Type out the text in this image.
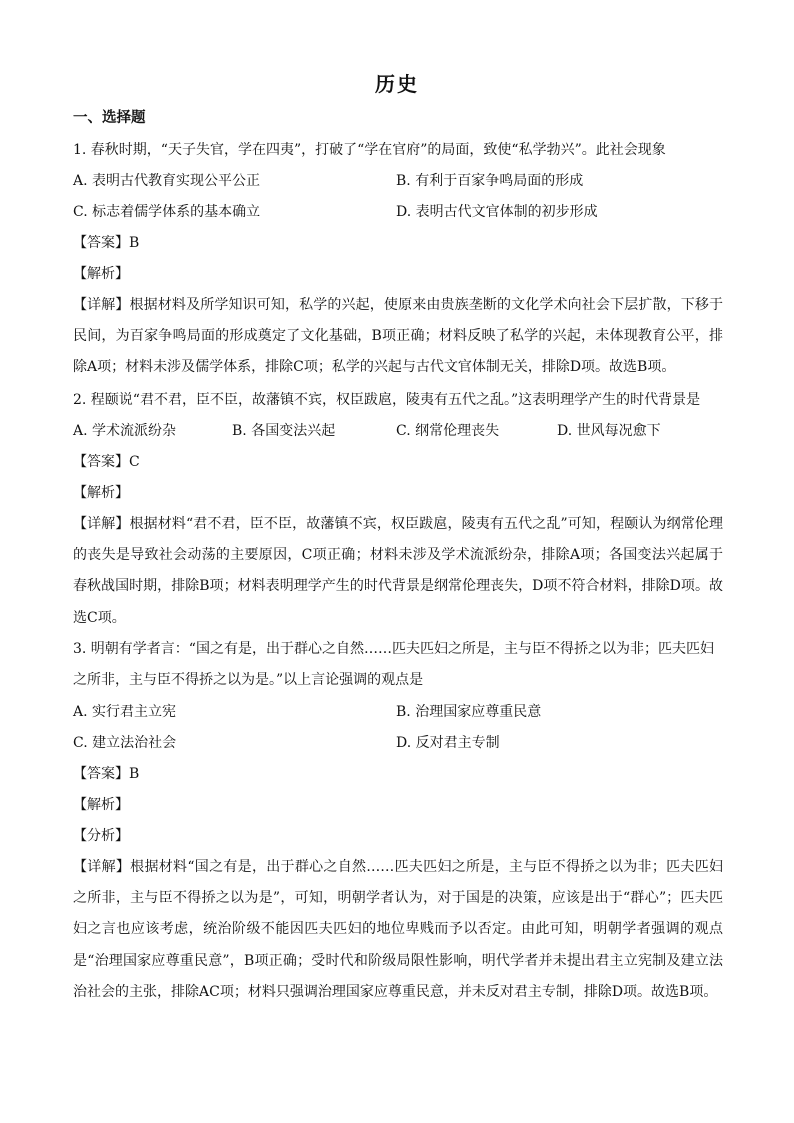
历史
一、选择题
1. 春秋时期，“天子失官，学在四夷”，打破了“学在官府”的局面，致使“私学勃兴”。此社会现象
A. 表明古代教育实现公平公正	B. 有利于百家争鸣局面的形成
C. 标志着儒学体系的基本确立	D. 表明古代文官体制的初步形成
【答案】B
【解析】
【详解】根据材料及所学知识可知，私学的兴起，使原来由贵族垄断的文化学术向社会下层扩散，下移于民间，为百家争鸣局面的形成奠定了文化基础，B项正确；材料反映了私学的兴起，未体现教育公平，排除A项；材料未涉及儒学体系，排除C项；私学的兴起与古代文官体制无关，排除D项。故选B项。
2. 程颐说“君不君，臣不臣，故藩镇不宾，权臣跋扈，陵夷有五代之乱。”这表明理学产生的时代背景是
A. 学术流派纷杂	B. 各国变法兴起	C. 纲常伦理丧失	D. 世风每况愈下
【答案】C
【解析】
【详解】根据材料“君不君，臣不臣，故藩镇不宾，权臣跋扈，陵夷有五代之乱”可知，程颐认为纲常伦理的丧失是导致社会动荡的主要原因，C项正确；材料未涉及学术流派纷杂，排除A项；各国变法兴起属于春秋战国时期，排除B项；材料表明理学产生的时代背景是纲常伦理丧失，D项不符合材料，排除D项。故选C项。
3. 明朝有学者言：“国之有是，出于群心之自然……匹夫匹妇之所是，主与臣不得挢之以为非；匹夫匹妇
之所非，主与臣不得挢之以为是。”以上言论强调的观点是
A. 实行君主立宪	B. 治理国家应尊重民意
C. 建立法治社会	D. 反对君主专制
【答案】B
【解析】
【分析】
【详解】根据材料“国之有是，出于群心之自然……匹夫匹妇之所是，主与臣不得挢之以为非；匹夫匹妇之所非，主与臣不得挢之以为是”，可知，明朝学者认为，对于国是的决策，应该是出于“群心”；匹夫匹妇之言也应该考虑，统治阶级不能因匹夫匹妇的地位卑贱而予以否定。由此可知，明朝学者强调的观点是“治理国家应尊重民意”，B项正确；受时代和阶级局限性影响，明代学者并未提出君主立宪制及建立法治社会的主张，排除AC项；材料只强调治理国家应尊重民意，并未反对君主专制，排除D项。故选B项。
